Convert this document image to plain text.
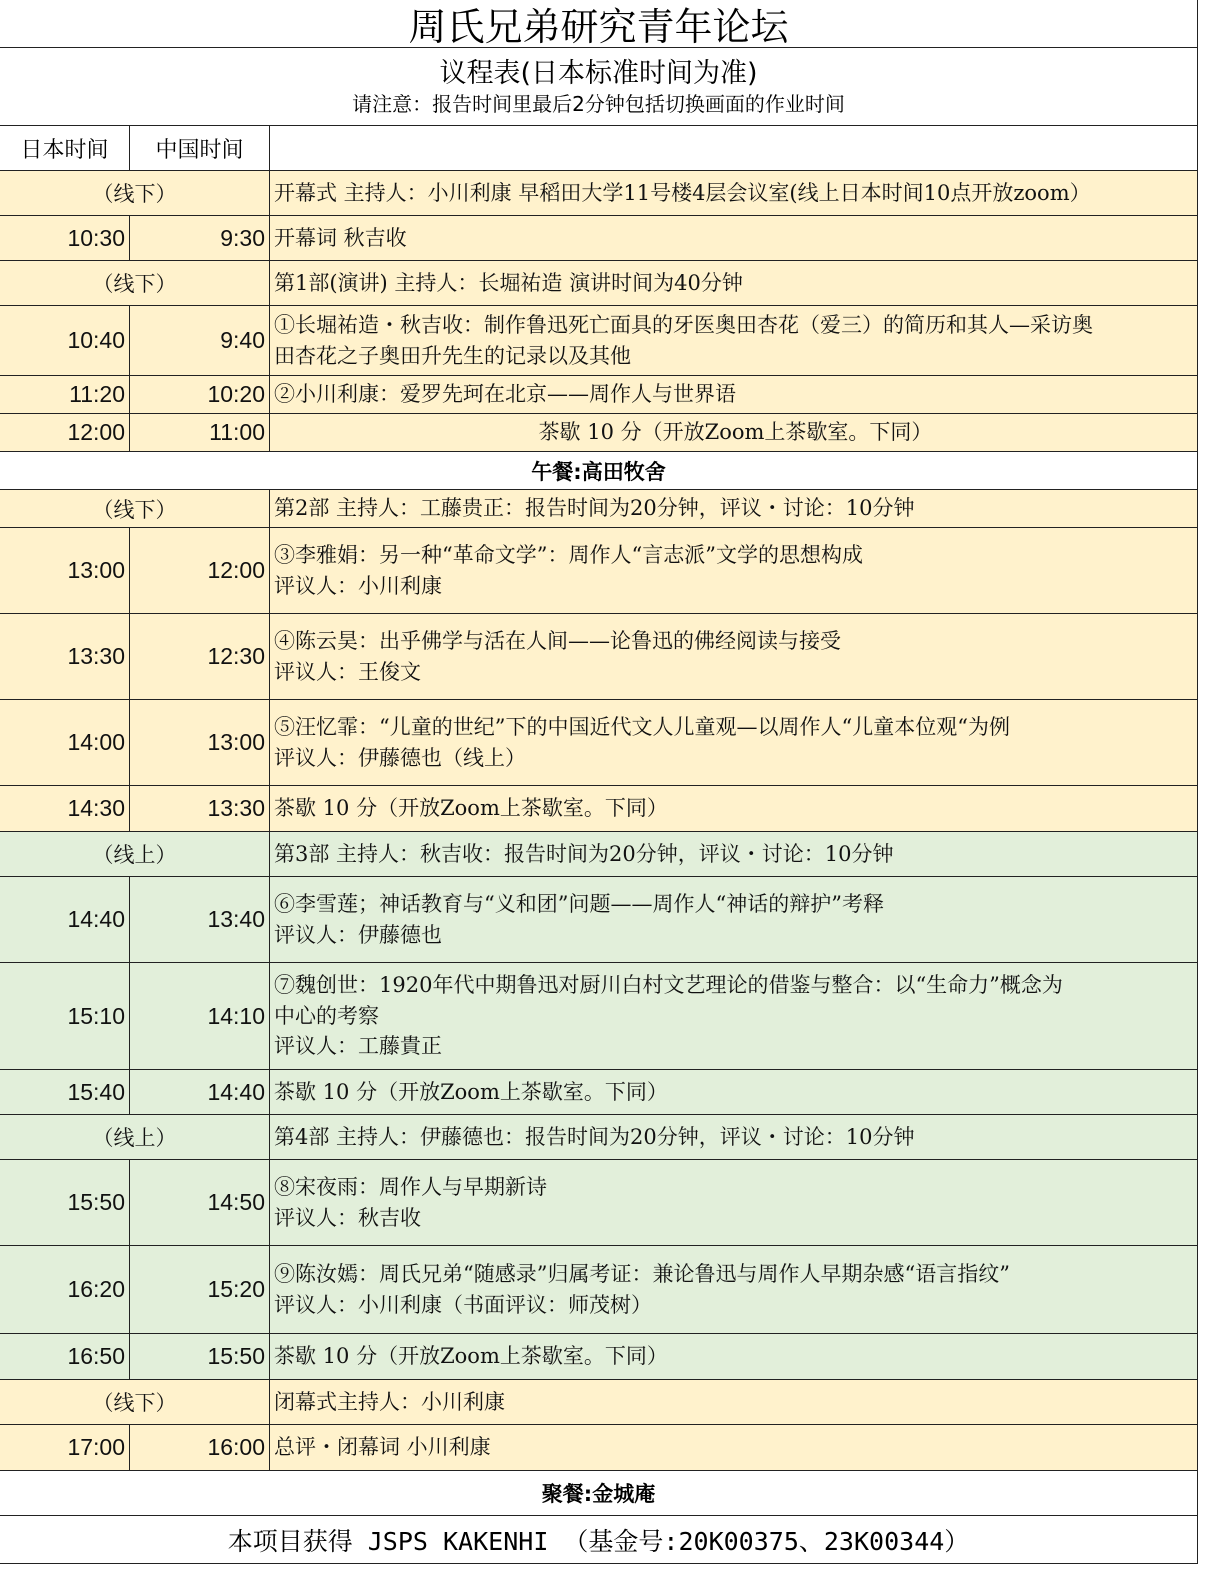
周氏兄弟研究青年论坛
议程表(日本标准时间为准)
请注意：报告时间里最后2分钟包括切换画面的作业时间
日本时间	中国时间
（线下）	开幕式 主持人：小川利康 早稻田大学11号楼4层会议室(线上日本时间10点开放zoom）
10:30	9:30 开幕词 秋吉收
（线下）	第1部(演讲) 主持人：长堀祐造 演讲时间为40分钟
10:40	9:40
①长堀祐造・秋吉收：制作鲁迅死亡面具的牙医奥田杏花（爱三）的简历和其人—采访奥
田杏花之子奥田升先生的记录以及其他
11:20	10:20 ②小川利康：爱罗先珂在北京——周作人与世界语
12:00	11:00	茶歇 10 分（开放Zoom上茶歇室。下同）
午餐:高田牧舍
（线下）	第2部 主持人：工藤贵正：报告时间为20分钟，评议・讨论：10分钟
13:00	12:00
③李雅娟：另一种“革命文学”：周作人“言志派”文学的思想构成
评议人：小川利康
13:30	12:30
④陈云昊：出乎佛学与活在人间——论鲁迅的佛经阅读与接受
评议人：王俊文
14:00	13:00
⑤汪忆霏：“儿童的世纪”下的中国近代文人儿童观—以周作人“儿童本位观“为例
评议人：伊藤德也（线上）
14:30	13:30 茶歇 10 分（开放Zoom上茶歇室。下同）
（线上）	第3部 主持人：秋吉收：报告时间为20分钟，评议・讨论：10分钟
14:40	13:40
⑥李雪莲；神话教育与“义和团”问题——周作人“神话的辩护”考释
评议人：伊藤德也
15:10	14:10
⑦魏创世：1920年代中期鲁迅对厨川白村文艺理论的借鉴与整合：以“生命力”概念为
中心的考察
评议人：工藤貴正
15:40	14:40 茶歇 10 分（开放Zoom上茶歇室。下同）
（线上）	第4部 主持人：伊藤德也：报告时间为20分钟，评议・讨论：10分钟
15:50	14:50
⑧宋夜雨：周作人与早期新诗
评议人：秋吉收
16:20	15:20
⑨陈汝嫣：周氏兄弟“随感录”归属考证：兼论鲁迅与周作人早期杂感“语言指纹”
评议人：小川利康（书面评议：师茂树）
16:50	15:50 茶歇 10 分（开放Zoom上茶歇室。下同）
（线下）	闭幕式主持人：小川利康
17:00	16:00 总评・闭幕词 小川利康
聚餐:金城庵
本项目获得 JSPS KAKENHI （基金号:20K00375、23K00344）
